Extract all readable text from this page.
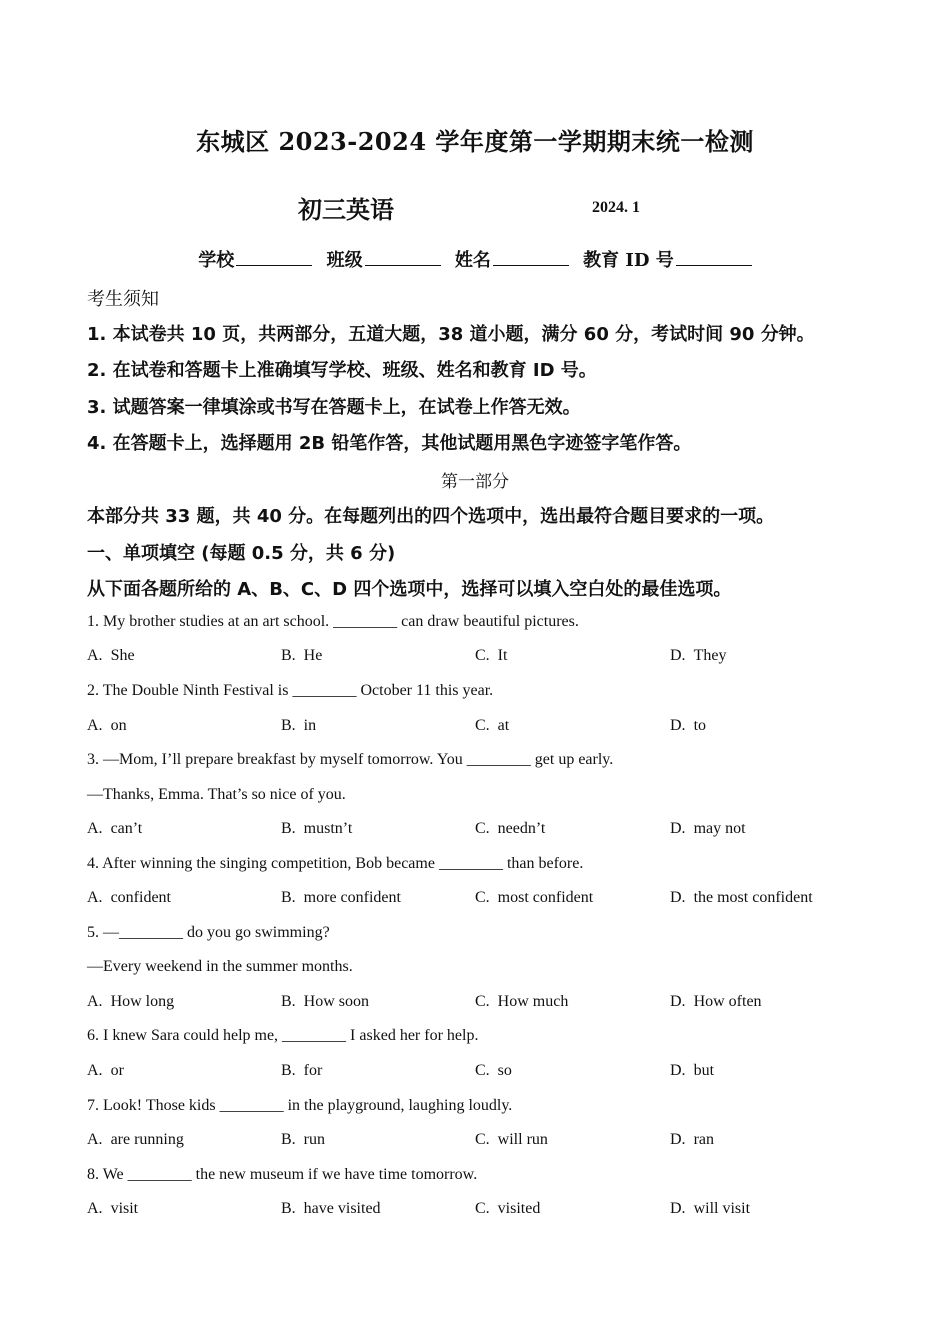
东城区 2023-2024 学年度第一学期期末统一检测
初三英语	2024. 1
学校	班级	姓名	教育 ID 号
考生须知
1. 本试卷共 10 页，共两部分，五道大题，38 道小题，满分 60 分，考试时间 90 分钟。
2. 在试卷和答题卡上准确填写学校、班级、姓名和教育 ID 号。
3. 试题答案一律填涂或书写在答题卡上，在试卷上作答无效。
4. 在答题卡上，选择题用 2B 铅笔作答，其他试题用黑色字迹签字笔作答。
第一部分
本部分共 33 题，共 40 分。在每题列出的四个选项中，选出最符合题目要求的一项。
一、单项填空 (每题 0.5 分，共 6 分)
从下面各题所给的 A、B、C、D 四个选项中，选择可以填入空白处的最佳选项。
1. My brother studies at an art school. ________ can draw beautiful pictures.
A. She	B. He	C. It	D. They
2. The Double Ninth Festival is ________ October 11 this year.
A. on	B. in	C. at	D. to
3. —Mom, I’ll prepare breakfast by myself tomorrow. You ________ get up early.
—Thanks, Emma. That’s so nice of you.
A. can’t	B. mustn’t	C. needn’t	D. may not
4. After winning the singing competition, Bob became ________ than before.
A. confident	B. more confident	C. most confident	D. the most confident
5. —________ do you go swimming?
—Every weekend in the summer months.
A. How long	B. How soon	C. How much	D. How often
6. I knew Sara could help me, ________ I asked her for help.
A. or	B. for	C. so	D. but
7. Look! Those kids ________ in the playground, laughing loudly.
A. are running	B. run	C. will run	D. ran
8. We ________ the new museum if we have time tomorrow.
A. visit	B. have visited	C. visited	D. will visit
